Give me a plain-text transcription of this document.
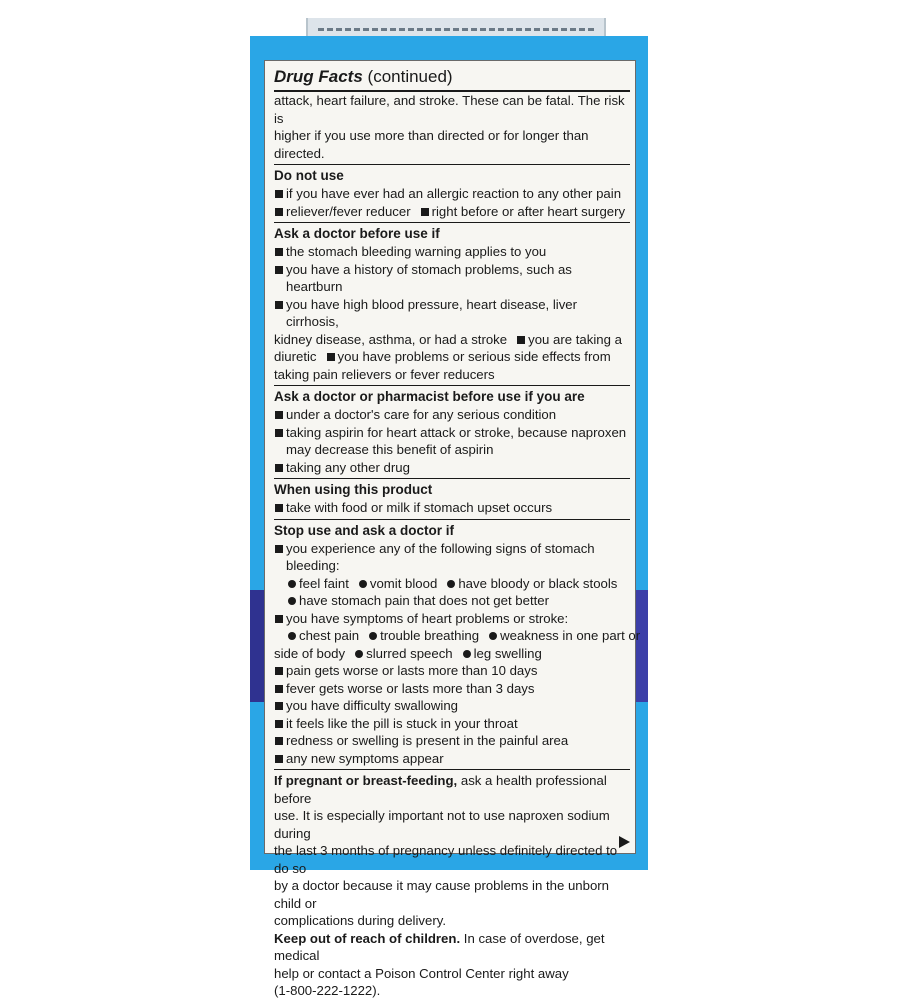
Drug Facts (continued)
attack, heart failure, and stroke. These can be fatal. The risk is
higher if you use more than directed or for longer than directed.
Do not use
if you have ever had an allergic reaction to any other pain
reliever/fever reducer right before or after heart surgery
Ask a doctor before use if
the stomach bleeding warning applies to you
you have a history of stomach problems, such as heartburn
you have high blood pressure, heart disease, liver cirrhosis,
kidney disease, asthma, or had a stroke you are taking a
diuretic you have problems or serious side effects from
taking pain relievers or fever reducers
Ask a doctor or pharmacist before use if you are
under a doctor's care for any serious condition
taking aspirin for heart attack or stroke, because naproxen
may decrease this benefit of aspirin
taking any other drug
When using this product
take with food or milk if stomach upset occurs
Stop use and ask a doctor if
you experience any of the following signs of stomach bleeding:
feel faint vomit blood have bloody or black stools
have stomach pain that does not get better
you have symptoms of heart problems or stroke:
chest pain trouble breathing weakness in one part or
side of body slurred speech leg swelling
pain gets worse or lasts more than 10 days
fever gets worse or lasts more than 3 days
you have difficulty swallowing
it feels like the pill is stuck in your throat
redness or swelling is present in the painful area
any new symptoms appear
If pregnant or breast-feeding, ask a health professional before
use. It is especially important not to use naproxen sodium during
the last 3 months of pregnancy unless definitely directed to do so
by a doctor because it may cause problems in the unborn child or
complications during delivery.
Keep out of reach of children. In case of overdose, get medical
help or contact a Poison Control Center right away
(1-800-222-1222).
